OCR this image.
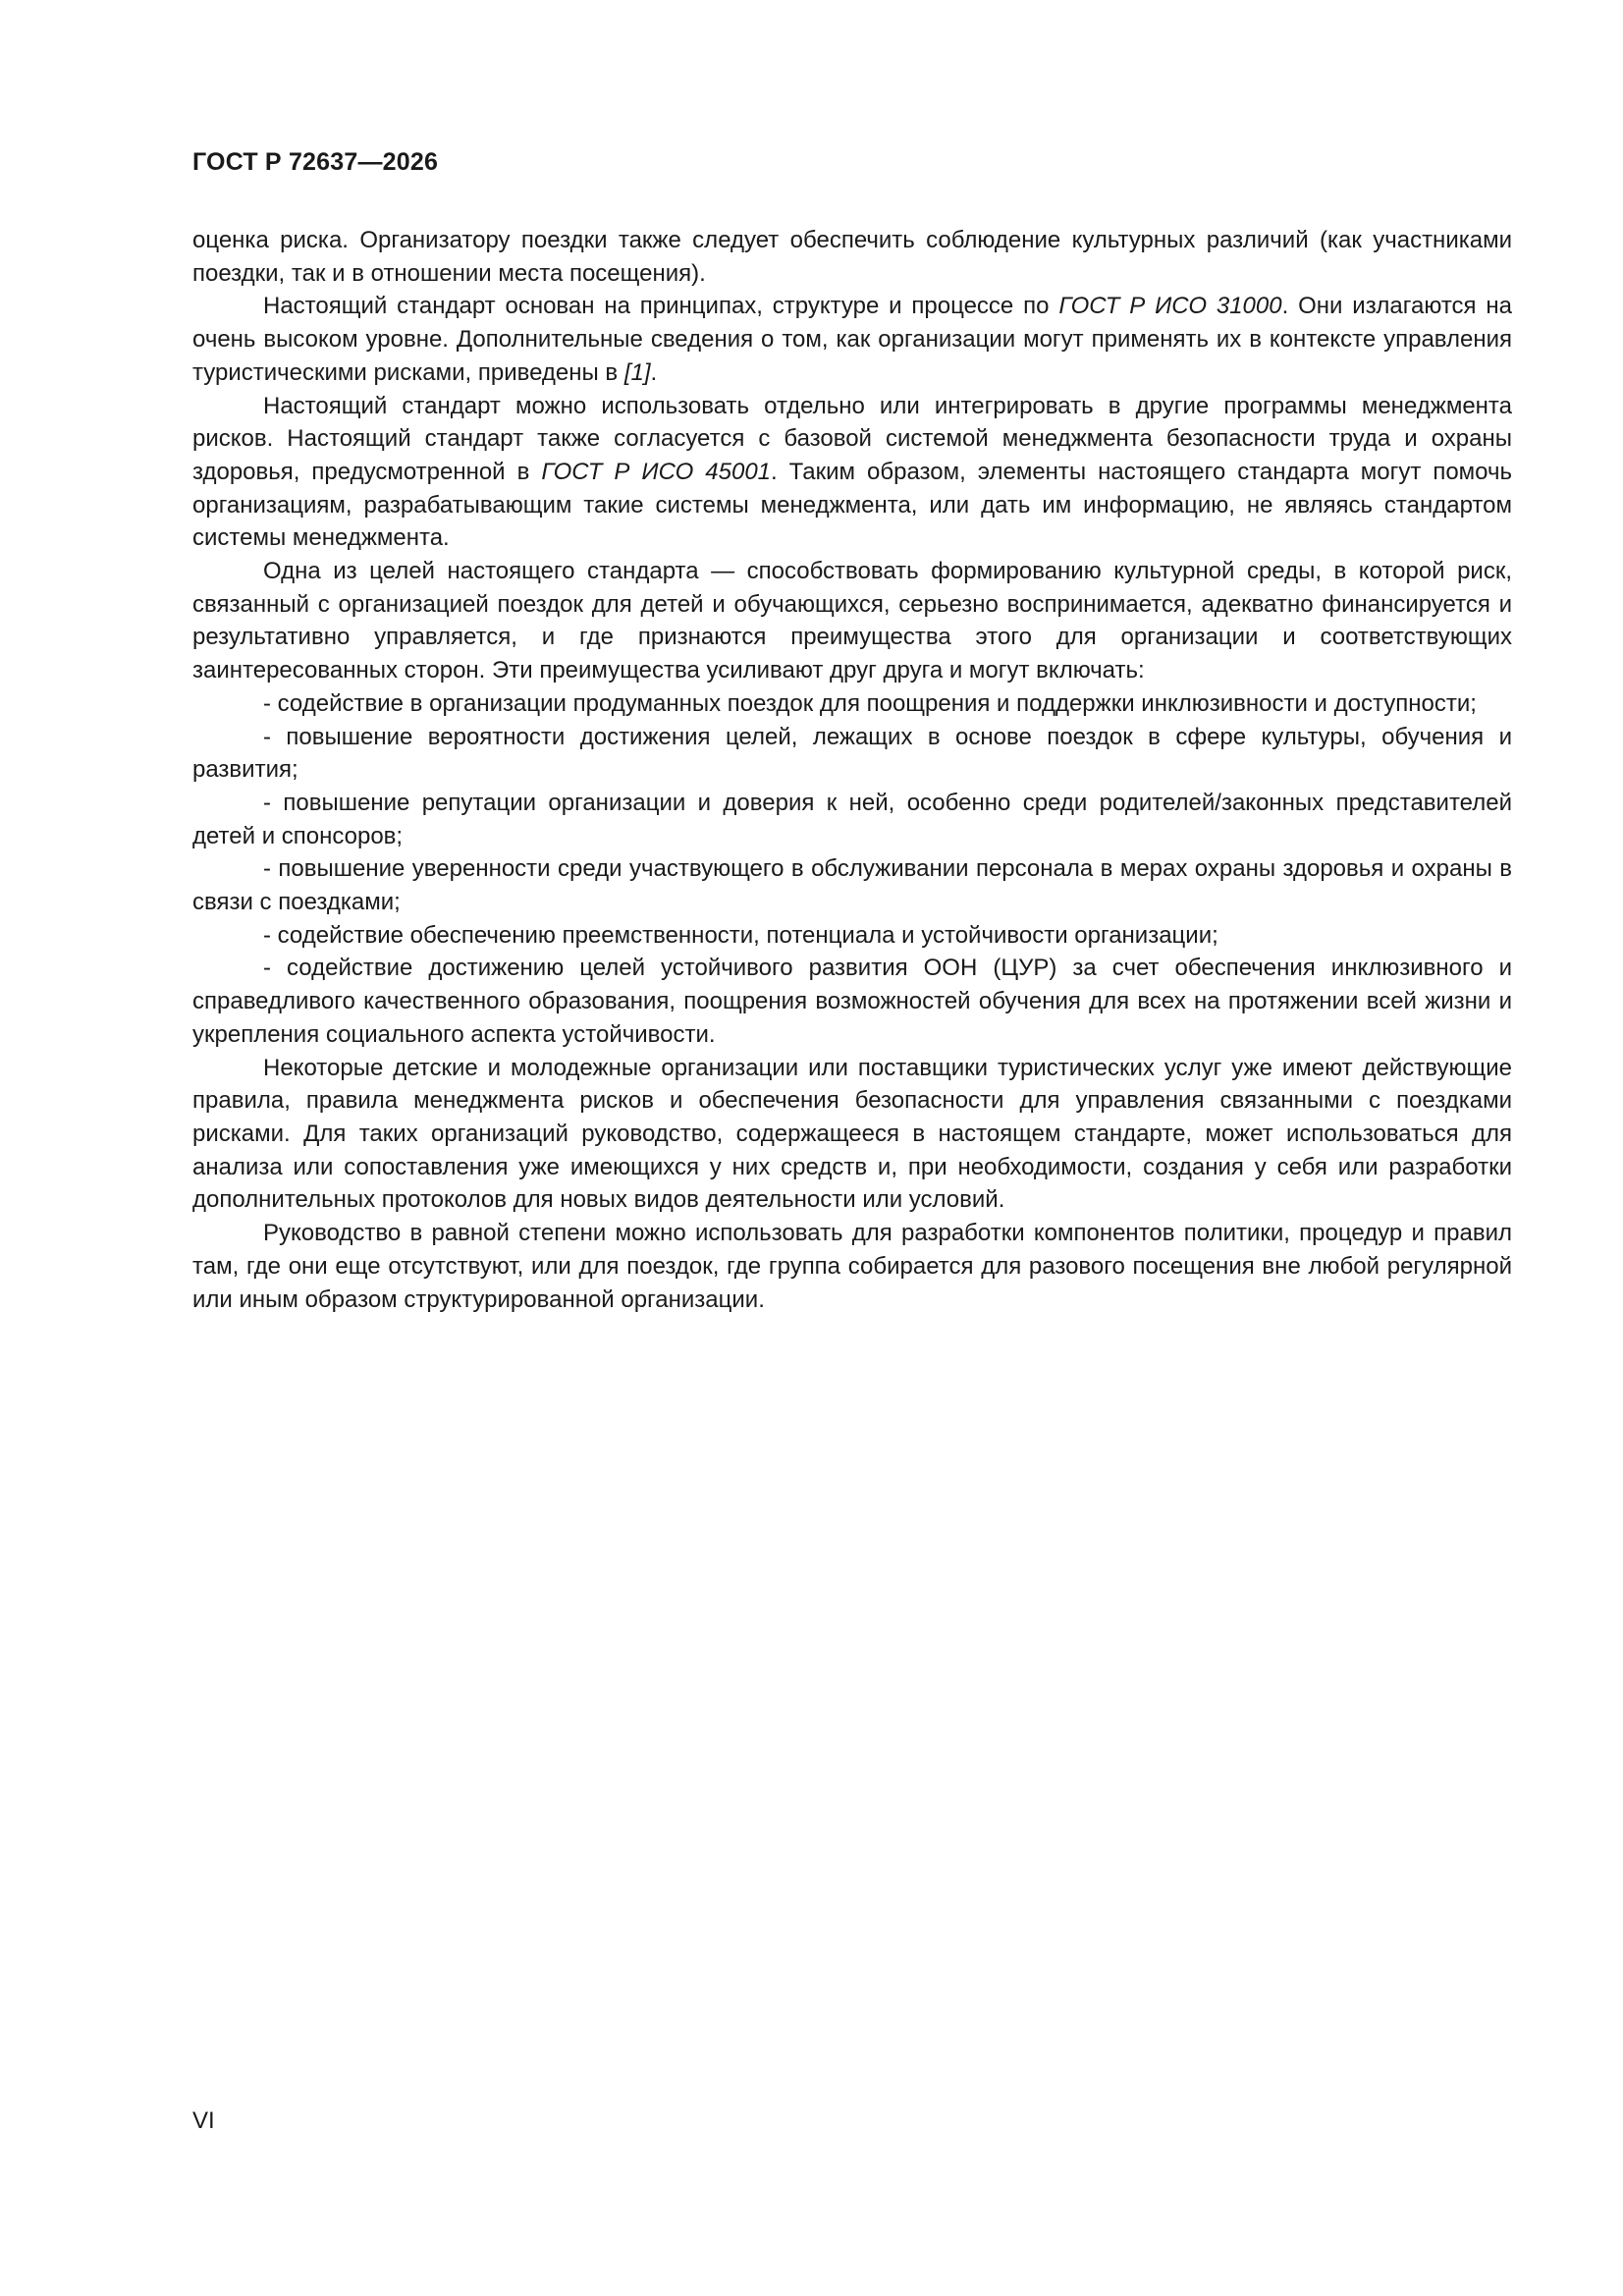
ГОСТ Р 72637—2026

оценка риска. Организатору поездки также следует обеспечить соблюдение культурных различий (как участниками поездки, так и в отношении места посещения).

Настоящий стандарт основан на принципах, структуре и процессе по ГОСТ Р ИСО 31000. Они излагаются на очень высоком уровне. Дополнительные сведения о том, как организации могут применять их в контексте управления туристическими рисками, приведены в [1].

Настоящий стандарт можно использовать отдельно или интегрировать в другие программы менеджмента рисков. Настоящий стандарт также согласуется с базовой системой менеджмента безопасности труда и охраны здоровья, предусмотренной в ГОСТ Р ИСО 45001. Таким образом, элементы настоящего стандарта могут помочь организациям, разрабатывающим такие системы менеджмента, или дать им информацию, не являясь стандартом системы менеджмента.

Одна из целей настоящего стандарта — способствовать формированию культурной среды, в которой риск, связанный с организацией поездок для детей и обучающихся, серьезно воспринимается, адекватно финансируется и результативно управляется, и где признаются преимущества этого для организации и соответствующих заинтересованных сторон. Эти преимущества усиливают друг друга и могут включать:

- содействие в организации продуманных поездок для поощрения и поддержки инклюзивности и доступности;

- повышение вероятности достижения целей, лежащих в основе поездок в сфере культуры, обучения и развития;

- повышение репутации организации и доверия к ней, особенно среди родителей/законных представителей детей и спонсоров;

- повышение уверенности среди участвующего в обслуживании персонала в мерах охраны здоровья и охраны в связи с поездками;

- содействие обеспечению преемственности, потенциала и устойчивости организации;

- содействие достижению целей устойчивого развития ООН (ЦУР) за счет обеспечения инклюзивного и справедливого качественного образования, поощрения возможностей обучения для всех на протяжении всей жизни и укрепления социального аспекта устойчивости.

Некоторые детские и молодежные организации или поставщики туристических услуг уже имеют действующие правила, правила менеджмента рисков и обеспечения безопасности для управления связанными с поездками рисками. Для таких организаций руководство, содержащееся в настоящем стандарте, может использоваться для анализа или сопоставления уже имеющихся у них средств и, при необходимости, создания у себя или разработки дополнительных протоколов для новых видов деятельности или условий.

Руководство в равной степени можно использовать для разработки компонентов политики, процедур и правил там, где они еще отсутствуют, или для поездок, где группа собирается для разового посещения вне любой регулярной или иным образом структурированной организации.

VI
